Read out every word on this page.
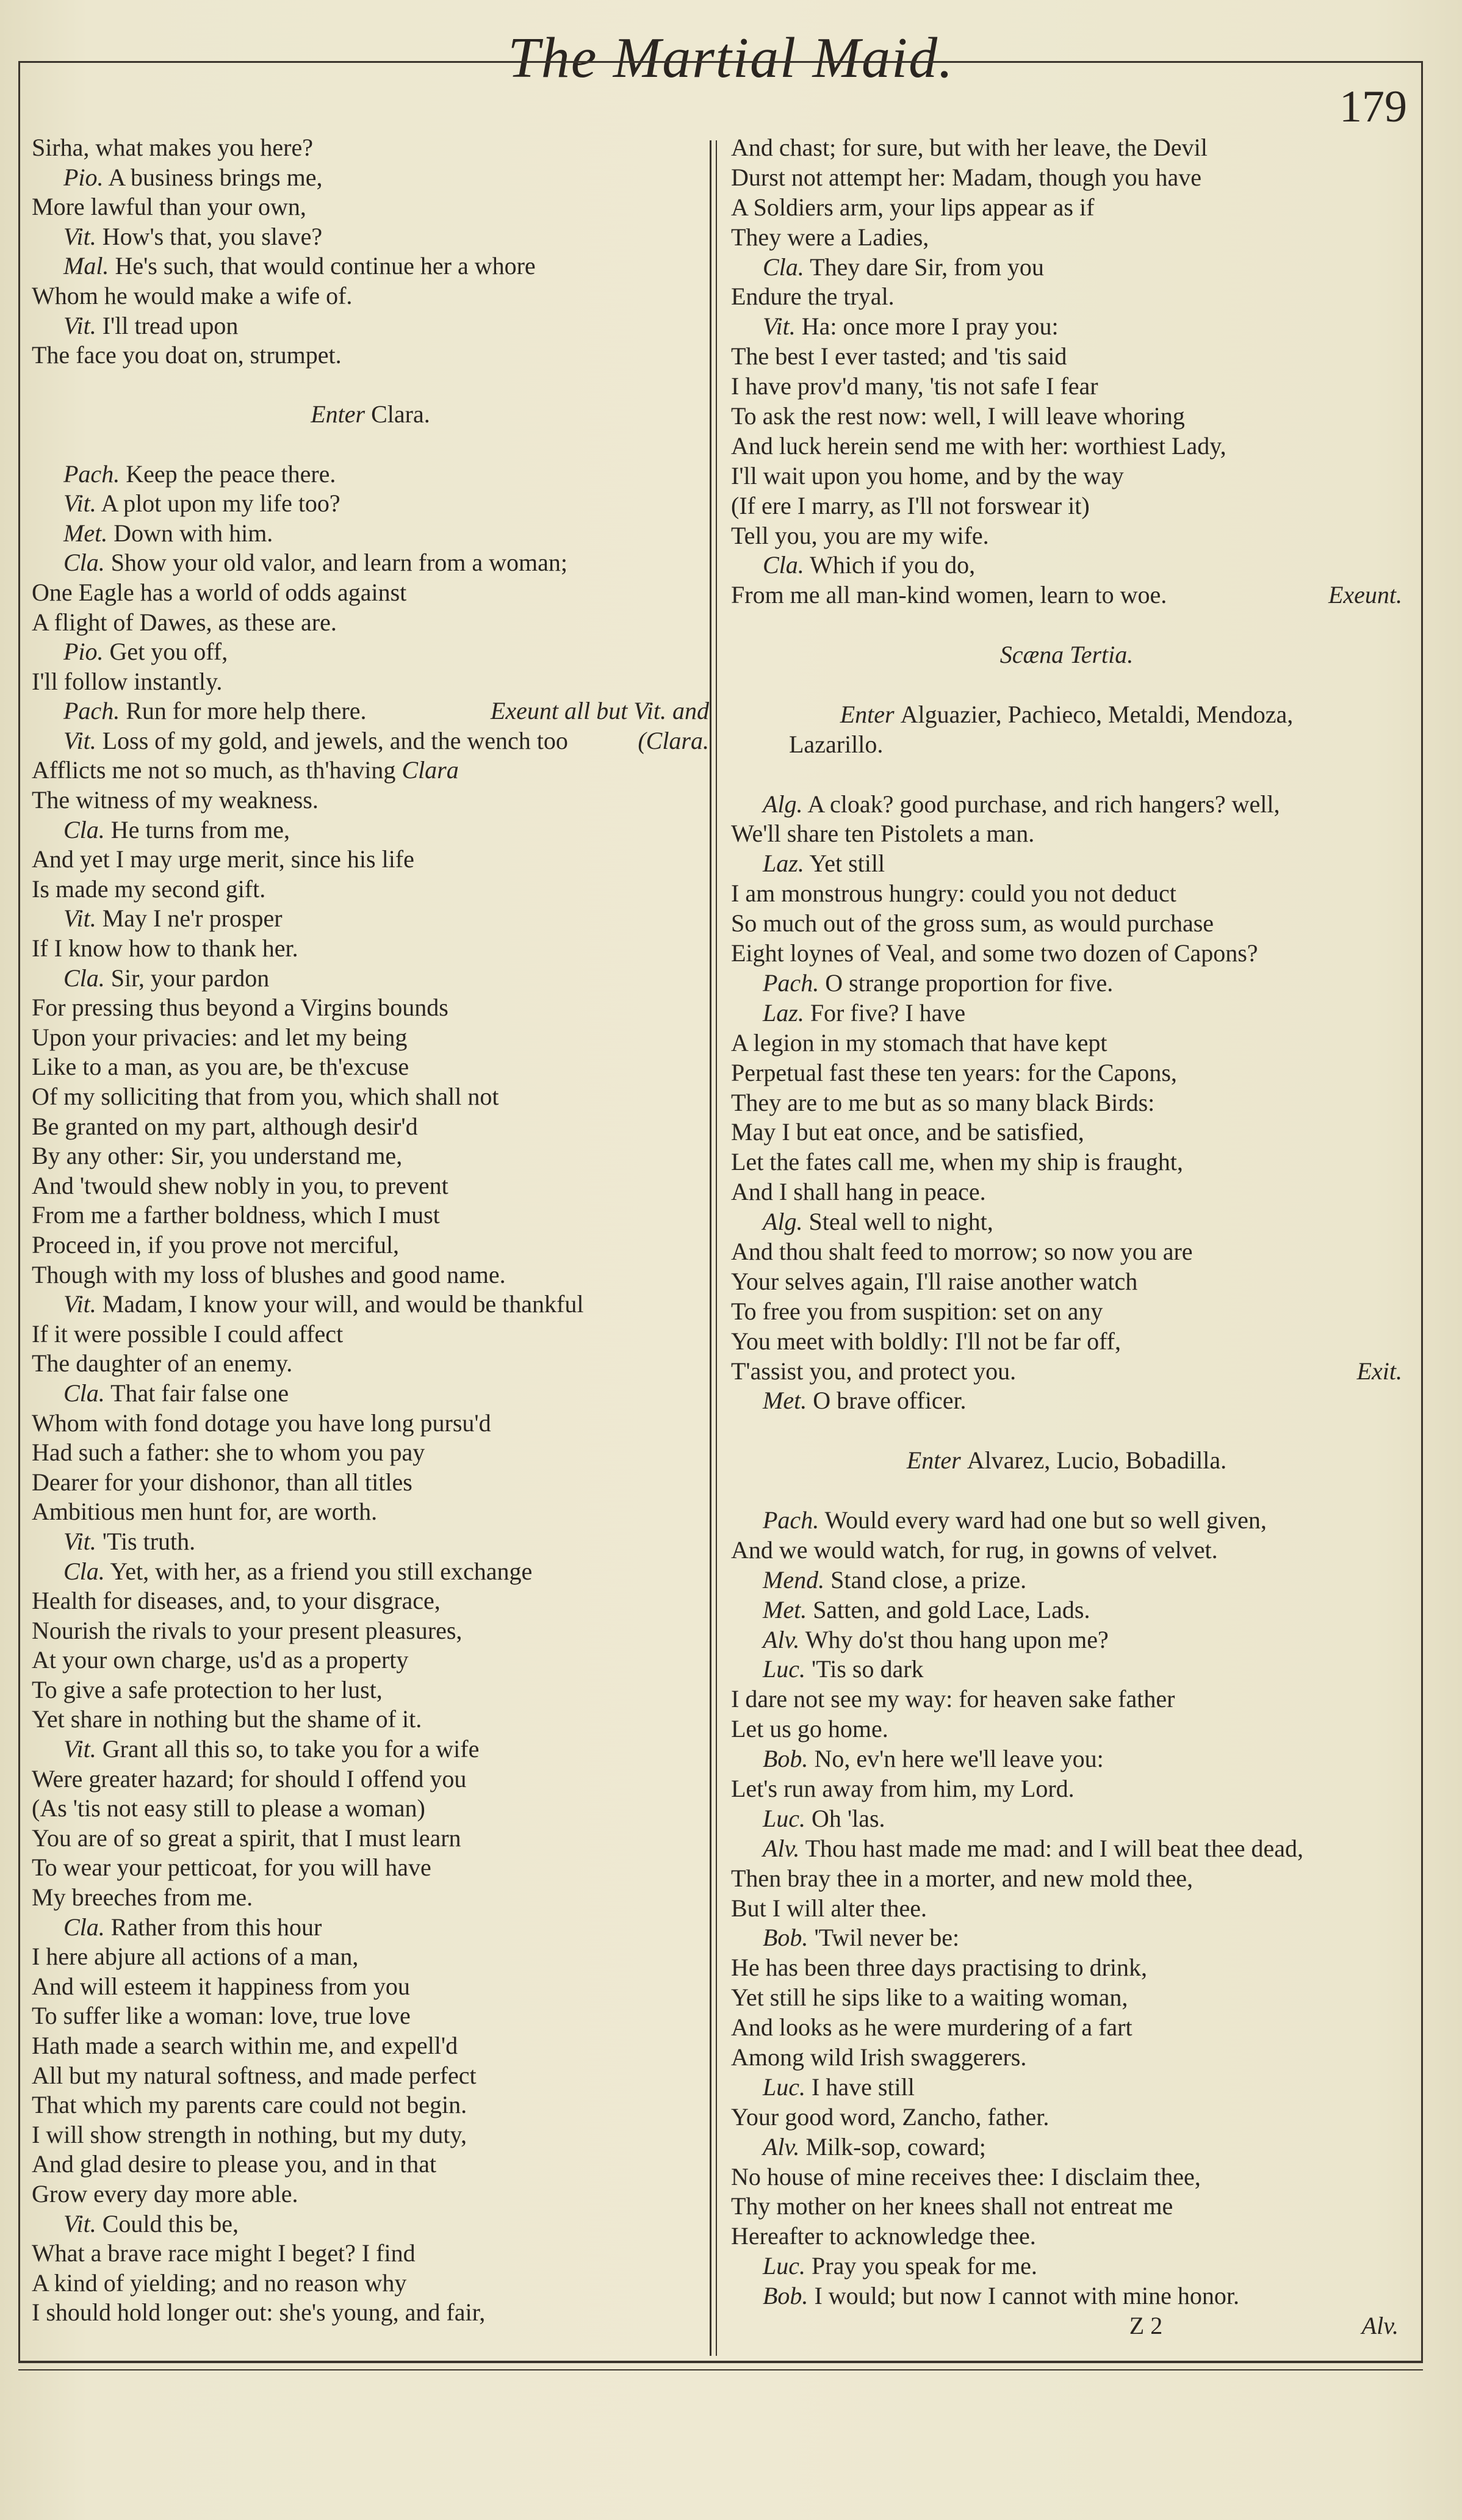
The Martial Maid.
179
Sirha, what makes you here?
Pio. A business brings me,
More lawful than your own,
Vit. How's that, you slave?
Mal. He's such, that would continue her a whore
Whom he would make a wife of.
Vit. I'll tread upon
The face you doat on, strumpet.
Enter Clara.
Pach. Keep the peace there.
Vit. A plot upon my life too?
Met. Down with him.
Cla. Show your old valor, and learn from a woman;
One Eagle has a world of odds against
A flight of Dawes, as these are.
Pio. Get you off,
I'll follow instantly.
Pach. Run for more help there.	Exeunt all but Vit. and
Vit. Loss of my gold, and jewels, and the wench too	(Clara.
Afflicts me not so much, as th'having Clara
The witness of my weakness.
Cla. He turns from me,
And yet I may urge merit, since his life
Is made my second gift.
Vit. May I ne'r prosper
If I know how to thank her.
Cla. Sir, your pardon
For pressing thus beyond a Virgins bounds
Upon your privacies: and let my being
Like to a man, as you are, be th'excuse
Of my solliciting that from you, which shall not
Be granted on my part, although desir'd
By any other: Sir, you understand me,
And 'twould shew nobly in you, to prevent
From me a farther boldness, which I must
Proceed in, if you prove not merciful,
Though with my loss of blushes and good name.
Vit. Madam, I know your will, and would be thankful
If it were possible I could affect
The daughter of an enemy.
Cla. That fair false one
Whom with fond dotage you have long pursu'd
Had such a father: she to whom you pay
Dearer for your dishonor, than all titles
Ambitious men hunt for, are worth.
Vit. 'Tis truth.
Cla. Yet, with her, as a friend you still exchange
Health for diseases, and, to your disgrace,
Nourish the rivals to your present pleasures,
At your own charge, us'd as a property
To give a safe protection to her lust,
Yet share in nothing but the shame of it.
Vit. Grant all this so, to take you for a wife
Were greater hazard; for should I offend you
(As 'tis not easy still to please a woman)
You are of so great a spirit, that I must learn
To wear your petticoat, for you will have
My breeches from me.
Cla. Rather from this hour
I here abjure all actions of a man,
And will esteem it happiness from you
To suffer like a woman: love, true love
Hath made a search within me, and expell'd
All but my natural softness, and made perfect
That which my parents care could not begin.
I will show strength in nothing, but my duty,
And glad desire to please you, and in that
Grow every day more able.
Vit. Could this be,
What a brave race might I beget? I find
A kind of yielding; and no reason why
I should hold longer out: she's young, and fair,
And chast; for sure, but with her leave, the Devil
Durst not attempt her: Madam, though you have
A Soldiers arm, your lips appear as if
They were a Ladies,
Cla. They dare Sir, from you
Endure the tryal.
Vit. Ha: once more I pray you:
The best I ever tasted; and 'tis said
I have prov'd many, 'tis not safe I fear
To ask the rest now: well, I will leave whoring
And luck herein send me with her: worthiest Lady,
I'll wait upon you home, and by the way
(If ere I marry, as I'll not forswear it)
Tell you, you are my wife.
Cla. Which if you do,
From me all man-kind women, learn to woe.	Exeunt.
Scæna Tertia.
Enter Alguazier, Pachieco, Metaldi, Mendoza,
Lazarillo.
Alg. A cloak? good purchase, and rich hangers? well,
We'll share ten Pistolets a man.
Laz. Yet still
I am monstrous hungry: could you not deduct
So much out of the gross sum, as would purchase
Eight loynes of Veal, and some two dozen of Capons?
Pach. O strange proportion for five.
Laz. For five? I have
A legion in my stomach that have kept
Perpetual fast these ten years: for the Capons,
They are to me but as so many black Birds:
May I but eat once, and be satisfied,
Let the fates call me, when my ship is fraught,
And I shall hang in peace.
Alg. Steal well to night,
And thou shalt feed to morrow; so now you are
Your selves again, I'll raise another watch
To free you from suspition: set on any
You meet with boldly: I'll not be far off,
T'assist you, and protect you.	Exit.
Met. O brave officer.
Enter Alvarez, Lucio, Bobadilla.
Pach. Would every ward had one but so well given,
And we would watch, for rug, in gowns of velvet.
Mend. Stand close, a prize.
Met. Satten, and gold Lace, Lads.
Alv. Why do'st thou hang upon me?
Luc. 'Tis so dark
I dare not see my way: for heaven sake father
Let us go home.
Bob. No, ev'n here we'll leave you:
Let's run away from him, my Lord.
Luc. Oh 'las.
Alv. Thou hast made me mad: and I will beat thee dead,
Then bray thee in a morter, and new mold thee,
But I will alter thee.
Bob. 'Twil never be:
He has been three days practising to drink,
Yet still he sips like to a waiting woman,
And looks as he were murdering of a fart
Among wild Irish swaggerers.
Luc. I have still
Your good word, Zancho, father.
Alv. Milk-sop, coward;
No house of mine receives thee: I disclaim thee,
Thy mother on her knees shall not entreat me
Hereafter to acknowledge thee.
Luc. Pray you speak for me.
Bob. I would; but now I cannot with mine honor.
Z 2	Alv.
